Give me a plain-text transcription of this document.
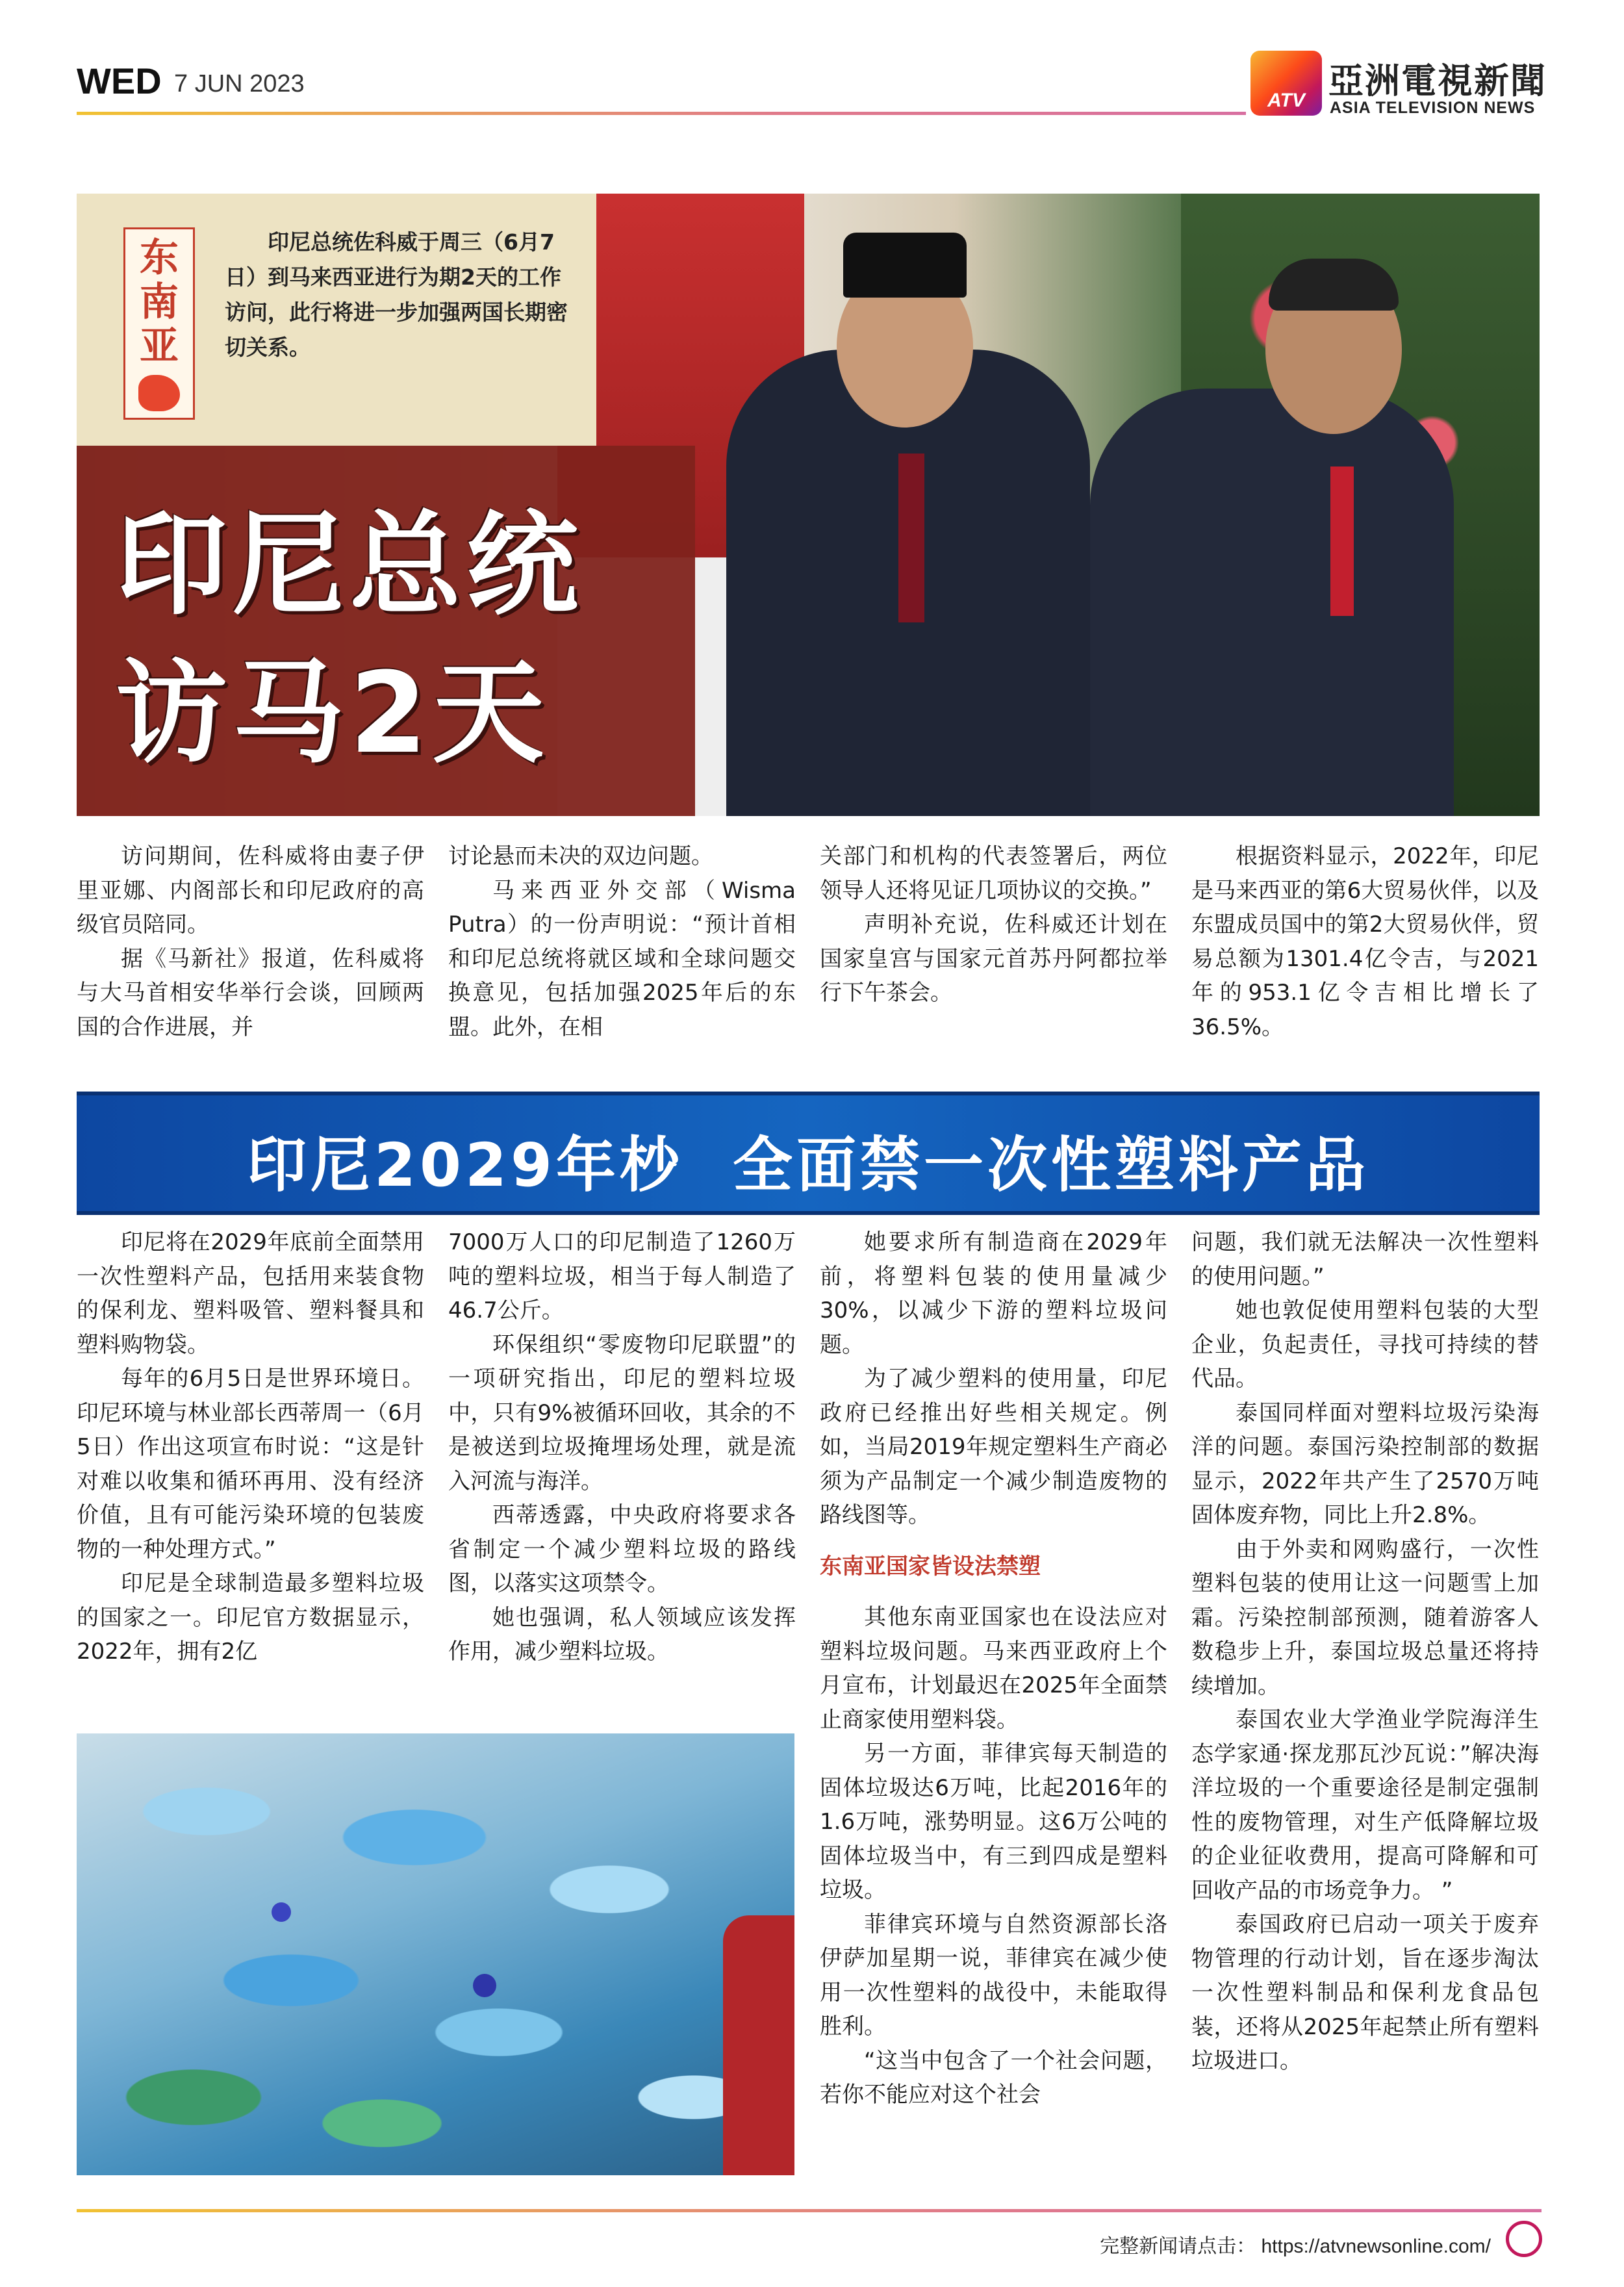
WED 7 JUN 2023
ATV 亞洲電視新聞
ASIA TELEVISION NEWS
东南亚

印尼总统佐科威于周三（6月7日）到马来西亚进行为期2天的工作访问，此行将进一步加强两国长期密切关系。

印尼总统
访马2天

访问期间，佐科威将由妻子伊里亚娜、内阁部长和印尼政府的高级官员陪同。

据《马新社》报道，佐科威将与大马首相安华举行会谈，回顾两国的合作进展，并

讨论悬而未决的双边问题。

马来西亚外交部（Wisma Putra）的一份声明说：“预计首相和印尼总统将就区域和全球问题交换意见，包括加强2025年后的东盟。此外，在相

关部门和机构的代表签署后，两位领导人还将见证几项协议的交换。”

声明补充说，佐科威还计划在国家皇宫与国家元首苏丹阿都拉举行下午茶会。

根据资料显示，2022年，印尼是马来西亚的第6大贸易伙伴，以及东盟成员国中的第2大贸易伙伴，贸易总额为1301.4亿令吉，与2021年的953.1亿令吉相比增长了36.5%。

印尼2029年杪  全面禁一次性塑料产品

印尼将在2029年底前全面禁用一次性塑料产品，包括用来装食物的保利龙、塑料吸管、塑料餐具和塑料购物袋。

每年的6月5日是世界环境日。印尼环境与林业部长西蒂周一（6月5日）作出这项宣布时说：“这是针对难以收集和循环再用、没有经济价值，且有可能污染环境的包装废物的一种处理方式。”

印尼是全球制造最多塑料垃圾的国家之一。印尼官方数据显示，2022年，拥有2亿

7000万人口的印尼制造了1260万吨的塑料垃圾，相当于每人制造了46.7公斤。

环保组织“零废物印尼联盟”的一项研究指出，印尼的塑料垃圾中，只有9%被循环回收，其余的不是被送到垃圾掩埋场处理，就是流入河流与海洋。

西蒂透露，中央政府将要求各省制定一个减少塑料垃圾的路线图，以落实这项禁令。

她也强调，私人领域应该发挥作用，减少塑料垃圾。

她要求所有制造商在2029年前，将塑料包装的使用量减少30%，以减少下游的塑料垃圾问题。

为了减少塑料的使用量，印尼政府已经推出好些相关规定。例如，当局2019年规定塑料生产商必须为产品制定一个减少制造废物的路线图等。

东南亚国家皆设法禁塑

其他东南亚国家也在设法应对塑料垃圾问题。马来西亚政府上个月宣布，计划最迟在2025年全面禁止商家使用塑料袋。

另一方面，菲律宾每天制造的固体垃圾达6万吨，比起2016年的1.6万吨，涨势明显。这6万公吨的固体垃圾当中，有三到四成是塑料垃圾。

菲律宾环境与自然资源部长洛伊萨加星期一说，菲律宾在减少使用一次性塑料的战役中，未能取得胜利。

“这当中包含了一个社会问题，若你不能应对这个社会

问题，我们就无法解决一次性塑料的使用问题。”

她也敦促使用塑料包装的大型企业，负起责任，寻找可持续的替代品。

泰国同样面对塑料垃圾污染海洋的问题。泰国污染控制部的数据显示，2022年共产生了2570万吨固体废弃物，同比上升2.8%。

由于外卖和网购盛行，一次性塑料包装的使用让这一问题雪上加霜。污染控制部预测，随着游客人数稳步上升，泰国垃圾总量还将持续增加。

泰国农业大学渔业学院海洋生态学家通·探龙那瓦沙瓦说：”解决海洋垃圾的一个重要途径是制定强制性的废物管理，对生产低降解垃圾的企业征收费用，提高可降解和可回收产品的市场竞争力。 ”

泰国政府已启动一项关于废弃物管理的行动计划，旨在逐步淘汰一次性塑料制品和保利龙食品包装，还将从2025年起禁止所有塑料垃圾进口。

完整新闻请点击： https://atvnewsonline.com/
